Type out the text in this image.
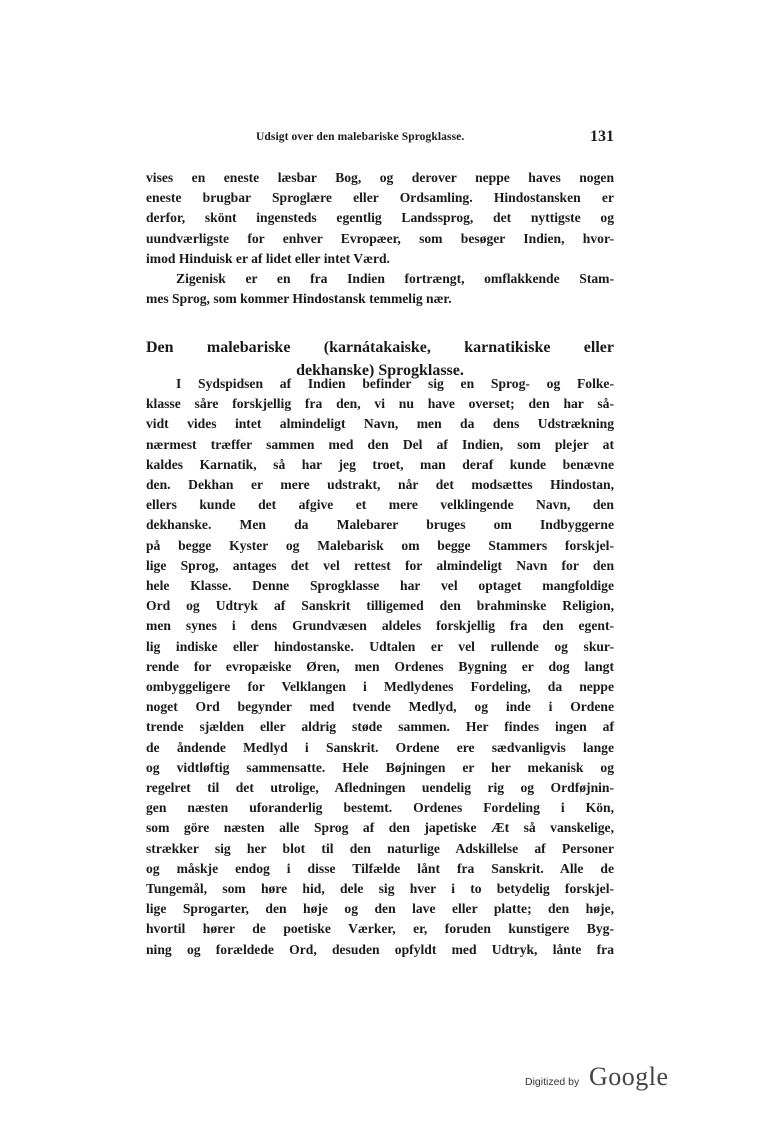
Udsigt over den malebariske Sprogklasse.	131
vises en eneste læsbar Bog, og derover neppe haves nogen
eneste brugbar Sproglære eller Ordsamling. Hindostansken er
derfor, skönt ingensteds egentlig Landssprog, det nyttigste og
uundværligste for enhver Evropæer, som besøger Indien, hvor-
imod Hinduisk er af lidet eller intet Værd.
Zigenisk er en fra Indien fortrængt, omflakkende Stam-
mes Sprog, som kommer Hindostansk temmelig nær.
Den malebariske (karnátakaiske, karnatikiske eller
dekhanske) Sprogklasse.
I Sydspidsen af Indien befinder sig en Sprog- og Folke-
klasse såre forskjellig fra den, vi nu have overset; den har så-
vidt vides intet almindeligt Navn, men da dens Udstrækning
nærmest træffer sammen med den Del af Indien, som plejer at
kaldes Karnatik, så har jeg troet, man deraf kunde benævne
den. Dekhan er mere udstrakt, når det modsættes Hindostan,
ellers kunde det afgive et mere velklingende Navn, den
dekhanske. Men da Malebarer bruges om Indbyggerne
på begge Kyster og Malebarisk om begge Stammers forskjel-
lige Sprog, antages det vel rettest for almindeligt Navn for den
hele Klasse. Denne Sprogklasse har vel optaget mangfoldige
Ord og Udtryk af Sanskrit tilligemed den brahminske Religion,
men synes i dens Grundvæsen aldeles forskjellig fra den egent-
lig indiske eller hindostanske. Udtalen er vel rullende og skur-
rende for evropæiske Øren, men Ordenes Bygning er dog langt
ombyggeligere for Velklangen i Medlydenes Fordeling, da neppe
noget Ord begynder med tvende Medlyd, og inde i Ordene
trende sjælden eller aldrig støde sammen. Her findes ingen af
de åndende Medlyd i Sanskrit. Ordene ere sædvanligvis lange
og vidtløftig sammensatte. Hele Bøjningen er her mekanisk og
regelret til det utrolige, Afledningen uendelig rig og Ordføjnin-
gen næsten uforanderlig bestemt. Ordenes Fordeling i Kön,
som göre næsten alle Sprog af den japetiske Æt så vanskelige,
strækker sig her blot til den naturlige Adskillelse af Personer
og måskje endog i disse Tilfælde lånt fra Sanskrit. Alle de
Tungemål, som høre hid, dele sig hver i to betydelig forskjel-
lige Sprogarter, den høje og den lave eller platte; den høje,
hvortil hører de poetiske Værker, er, foruden kunstigere Byg-
ning og forældede Ord, desuden opfyldt med Udtryk, lånte fra
Digitized by Google
